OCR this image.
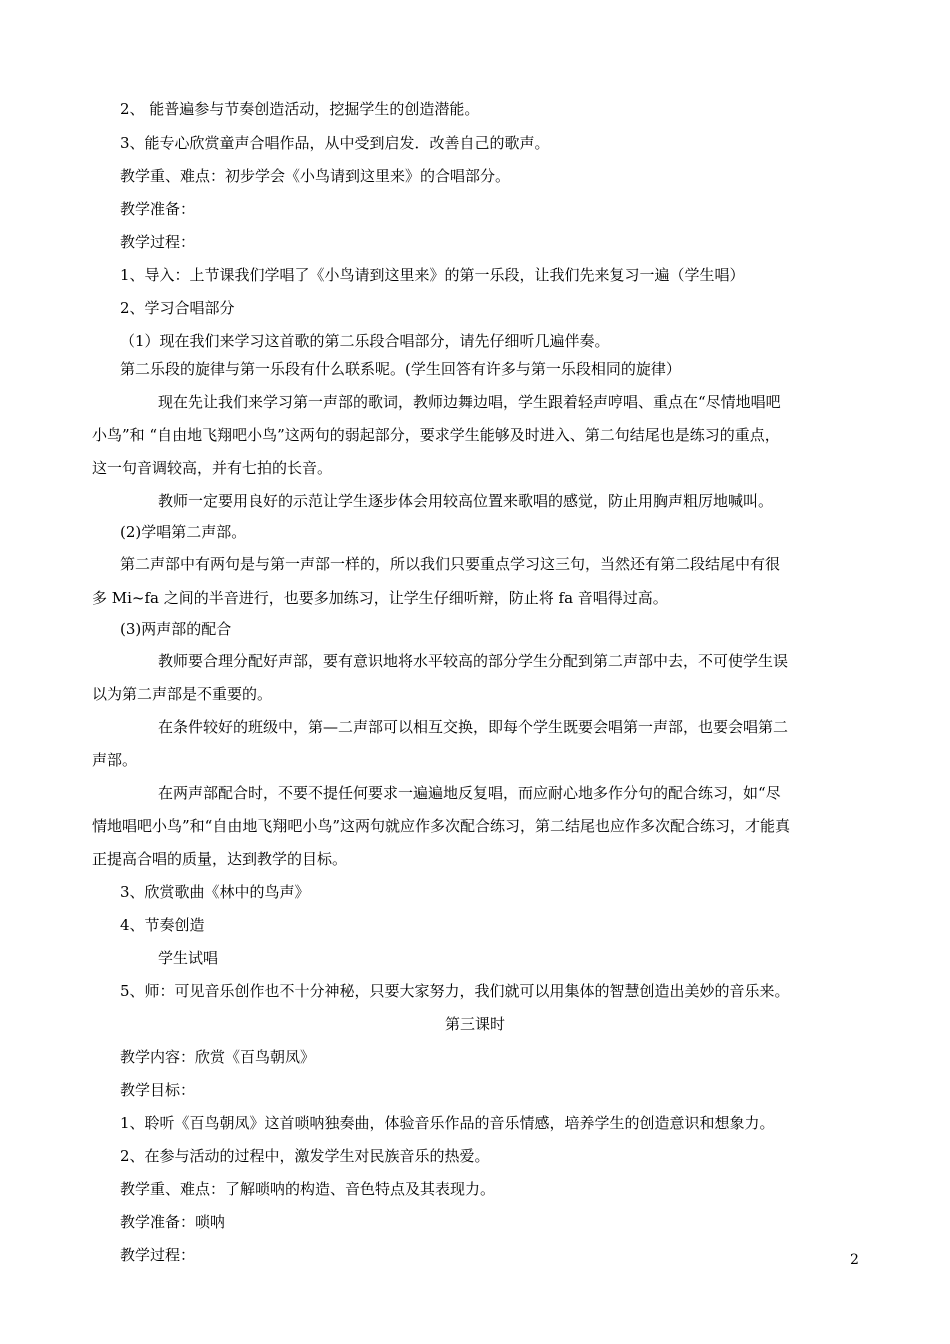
2、 能普遍参与节奏创造活动，挖掘学生的创造潜能。
3、能专心欣赏童声合唱作品，从中受到启发．改善自己的歌声。
教学重、难点：初步学会《小鸟请到这里来》的合唱部分。
教学准备：
教学过程：
1、导入：上节课我们学唱了《小鸟请到这里来》的第一乐段，让我们先来复习一遍（学生唱）
2、学习合唱部分
（1）现在我们来学习这首歌的第二乐段合唱部分，请先仔细听几遍伴奏。
第二乐段的旋律与第一乐段有什么联系呢。(学生回答有许多与第一乐段相同的旋律）
现在先让我们来学习第一声部的歌词，教师边舞边唱，学生跟着轻声哼唱、重点在“尽情地唱吧
小鸟”和 “自由地飞翔吧小鸟”这两句的弱起部分，要求学生能够及时进入、第二句结尾也是练习的重点，
这一句音调较高，并有七拍的长音。
教师一定要用良好的示范让学生逐步体会用较高位置来歌唱的感觉，防止用胸声粗厉地喊叫。
(2)学唱第二声部。
第二声部中有两句是与第一声部一样的，所以我们只要重点学习这三句，当然还有第二段结尾中有很
多 Mi~fa 之间的半音进行，也要多加练习，让学生仔细听辩，防止将 fa 音唱得过高。
(3)两声部的配合
教师要合理分配好声部，要有意识地将水平较高的部分学生分配到第二声部中去，不可使学生误
以为第二声部是不重要的。
在条件较好的班级中，第—二声部可以相互交换，即每个学生既要会唱第一声部，也要会唱第二
声部。
在两声部配合时，不要不提任何要求一遍遍地反复唱，而应耐心地多作分句的配合练习，如“尽
情地唱吧小鸟”和“自由地飞翔吧小鸟”这两句就应作多次配合练习，第二结尾也应作多次配合练习，才能真
正提高合唱的质量，达到教学的目标。
3、欣赏歌曲《林中的鸟声》
4、节奏创造
学生试唱
5、师：可见音乐创作也不十分神秘，只要大家努力，我们就可以用集体的智慧创造出美妙的音乐来。
第三课时
教学内容：欣赏《百鸟朝凤》
教学目标：
1、聆听《百鸟朝凤》这首唢呐独奏曲，体验音乐作品的音乐情感，培养学生的创造意识和想象力。
2、在参与活动的过程中，激发学生对民族音乐的热爱。
教学重、难点：了解唢呐的构造、音色特点及其表现力。
教学准备：唢呐
教学过程：	2
